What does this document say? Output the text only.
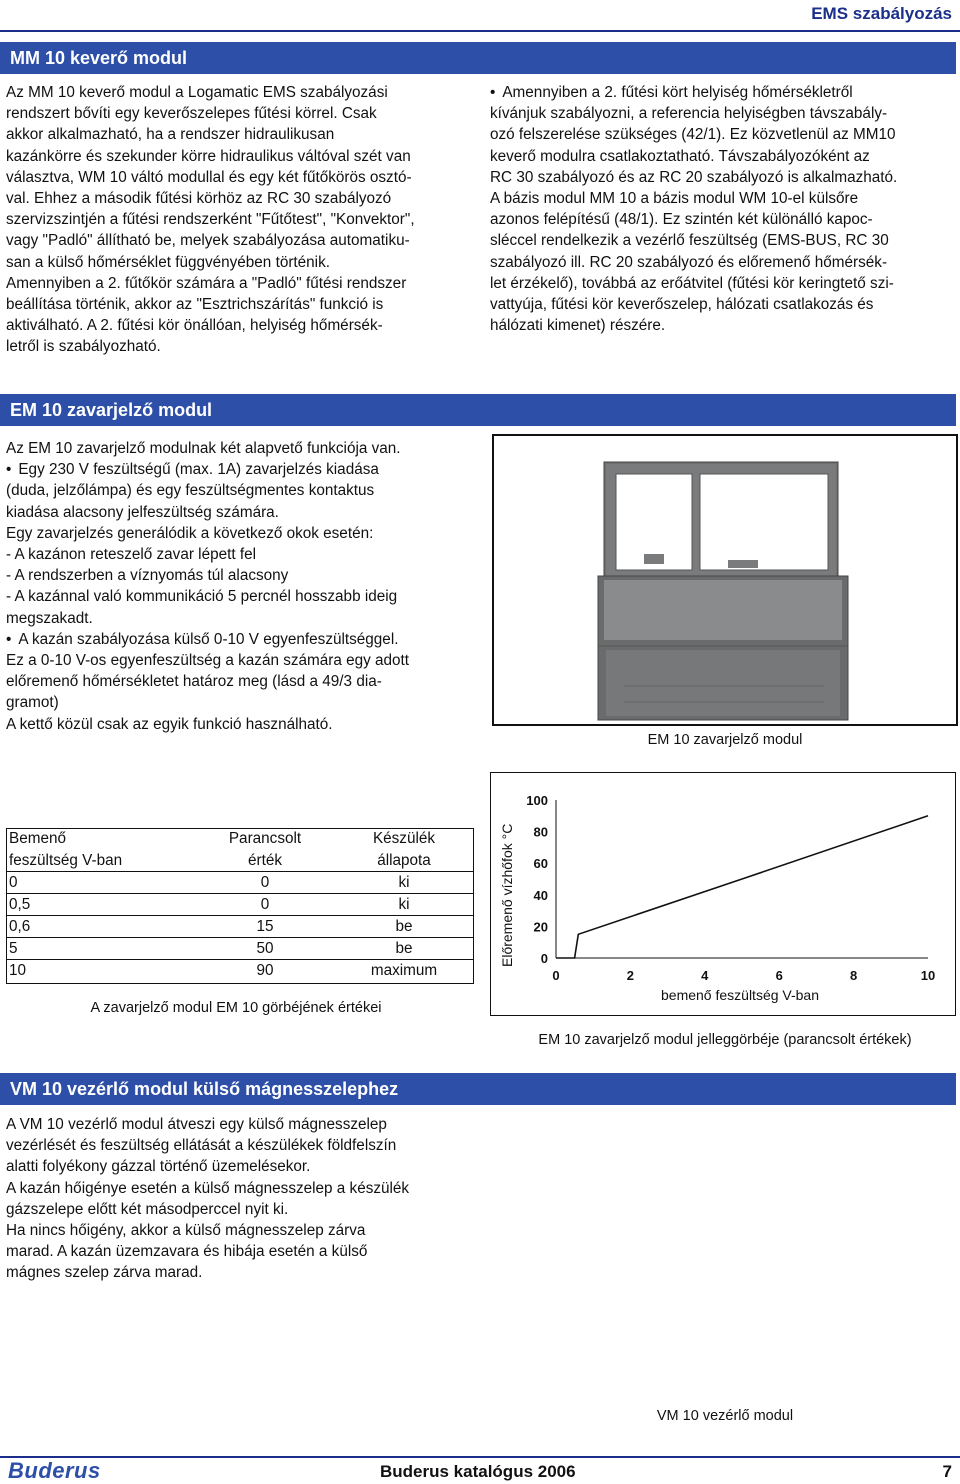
EMS szabályozás
MM 10 keverő modul

Az MM 10 keverő modul a Logamatic EMS szabályozási

rendszert bővíti egy keverőszelepes fűtési körrel. Csak

akkor alkalmazható, ha a rendszer hidraulikusan

kazánkörre és szekunder körre hidraulikus váltóval szét van

választva, WM 10 váltó modullal és egy két fűtőkörös osztó-

val. Ehhez a második fűtési körhöz az RC 30 szabályozó

szervizszintjén a fűtési rendszerként "Fűtőtest", "Konvektor",

vagy "Padló" állítható be, melyek szabályozása automatiku-

san a külső hőmérséklet függvényében történik.

Amennyiben a 2. fűtőkör számára a "Padló" fűtési rendszer

beállítása történik, akkor az "Esztrichszárítás" funkció is

aktiválható. A 2. fűtési kör önállóan, helyiség hőmérsék-

letről is szabályozható.

• Amennyiben a 2. fűtési kört helyiség hőmérsékletről

kívánjuk szabályozni, a referencia helyiségben távszabály-

ozó felszerelése szükséges (42/1). Ez közvetlenül az MM10

keverő modulra csatlakoztatható. Távszabályozóként az

RC 30 szabályozó és az RC 20 szabályozó is alkalmazható.

A bázis modul MM 10 a bázis modul WM 10-el külsőre

azonos felépítésű (48/1). Ez szintén két különálló kapoc-

sléccel rendelkezik a vezérlő feszültség (EMS-BUS, RC 30

szabályozó ill. RC 20 szabályozó és előremenő hőmérsék-

let érzékelő), továbbá az erőátvitel (fűtési kör keringtető szi-

vattyúja, fűtési kör keverőszelep, hálózati csatlakozás és

hálózati kimenet) részére.

EM 10 zavarjelző modul

Az EM 10 zavarjelző modulnak két alapvető funkciója van.

• Egy 230 V feszültségű (max. 1A) zavarjelzés kiadása

(duda, jelzőlámpa) és egy feszültségmentes kontaktus

kiadása alacsony jelfeszültség számára.

Egy zavarjelzés generálódik a következő okok esetén:

- A kazánon reteszelő zavar lépett fel

- A rendszerben a víznyomás túl alacsony

- A kazánnal való kommunikáció 5 percnél hosszabb ideig

megszakadt.

• A kazán szabályozása külső 0-10 V egyenfeszültséggel.

Ez a 0-10 V-os egyenfeszültség a kazán számára egy adott

előremenő hőmérsékletet határoz meg (lásd a 49/3 dia-

gramot)

A kettő közül csak az egyik funkció használható.

EM 10 zavarjelző modul
Bemenő	Parancsolt	Készülék
feszültség V-ban	érték	állapota
0	0	ki
0,5	0	ki
0,6	15	be
5	50	be
10	90	maximum
A zavarjelző modul EM 10 görbéjének értékei
0
20
40
60
80
100
0	2	4	6	8	10
Előremenő vízhőfok °C
bemenő feszültség V-ban
EM 10 zavarjelző modul jelleggörbéje (parancsolt értékek)
VM 10 vezérlő modul külső mágnesszelephez

A VM 10 vezérlő modul átveszi egy külső mágnesszelep

vezérlését és feszültség ellátását a készülékek földfelszín

alatti folyékony gázzal történő üzemelésekor.

A kazán hőigénye esetén a külső mágnesszelep a készülék

gázszelepe előtt két másodperccel nyit ki.

Ha nincs hőigény, akkor a külső mágnesszelep zárva

marad. A kazán üzemzavara és hibája esetén a külső

mágnes szelep zárva marad.

VM 10 vezérlő modul
Buderus	Buderus katalógus 2006	7
